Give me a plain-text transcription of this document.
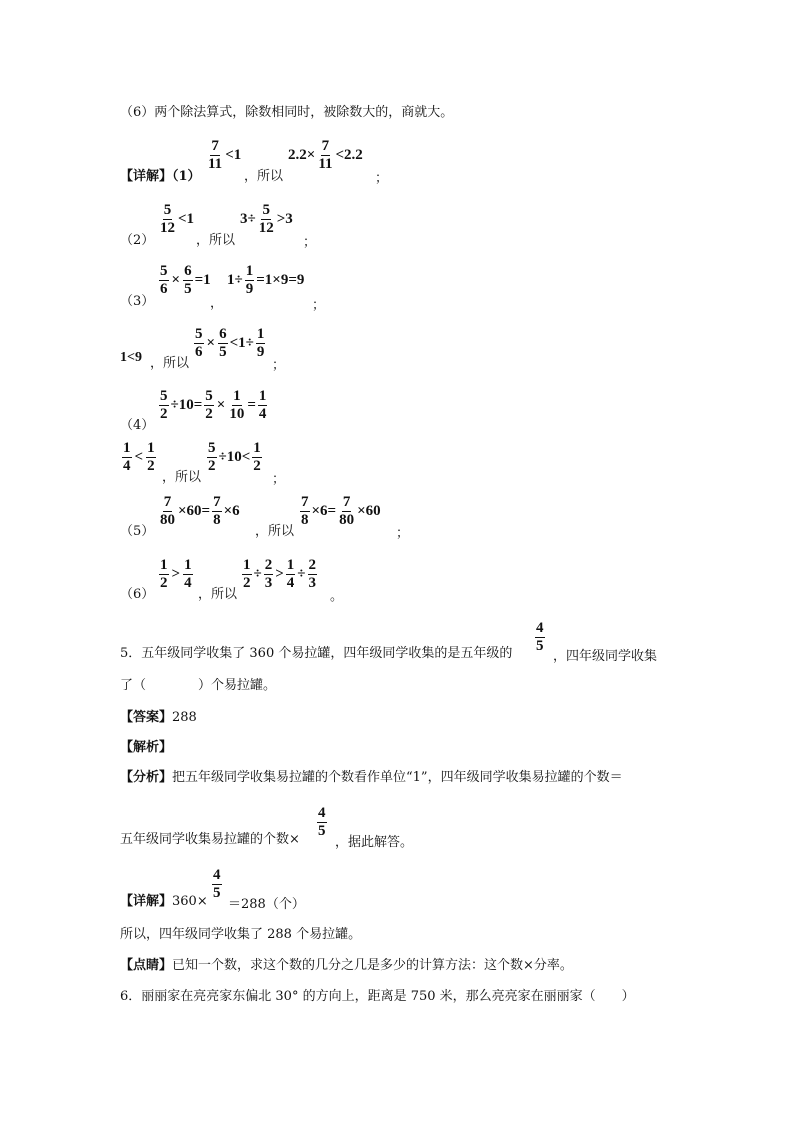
（6）两个除法算式，除数相同时，被除数大的，商就大。
【详解】（1）
$\frac{7}{11} <1$
，所以
$2.2\times \frac{7}{11} <2.2$
；
（2）
$\frac{5}{12} <1$
，所以
$3\div \frac{5}{12} >3$
；
（3）
$\frac{5}{6} \times \frac{6}{5} =1$
，
$1\div \frac{1}{9} =1\times 9=9$
；
1<9 ，所以
$\frac{5}{6} \times \frac{6}{5} <1\div \frac{1}{9}$
；
（4）
$\frac{5}{2} \div 10= \frac{5}{2} \times \frac{1}{10} = \frac{1}{4}$
$\frac{1}{4} < \frac{1}{2}$
，所以
$\frac{5}{2} \div 10< \frac{1}{2}$
；
（5）
$\frac{7}{80} \times 60= \frac{7}{8} \times 6$
，所以
$\frac{7}{8} \times 6= \frac{7}{80} \times 60$
；
（6）
$\frac{1}{2} > \frac{1}{4}$
，所以
$\frac{1}{2} \div \frac{2}{3} > \frac{1}{4} \div \frac{2}{3}$
。
5．五年级同学收集了 360 个易拉罐，四年级同学收集的是五年级的 $\frac{4}{5}$
，四年级同学收集
了（　　　　）个易拉罐。
【答案】288
【解析】
【分析】把五年级同学收集易拉罐的个数看作单位“1”，四年级同学收集易拉罐的个数＝
五年级同学收集易拉罐的个数× $\frac{4}{5}$
，据此解答。
【详解】$360\times \frac{4}{5}$
＝288（个）
所以，四年级同学收集了 288 个易拉罐。
【点睛】已知一个数，求这个数的几分之几是多少的计算方法：这个数×分率。
6．丽丽家在亮亮家东偏北 30° 的方向上，距离是 750 米，那么亮亮家在丽丽家（　　）
